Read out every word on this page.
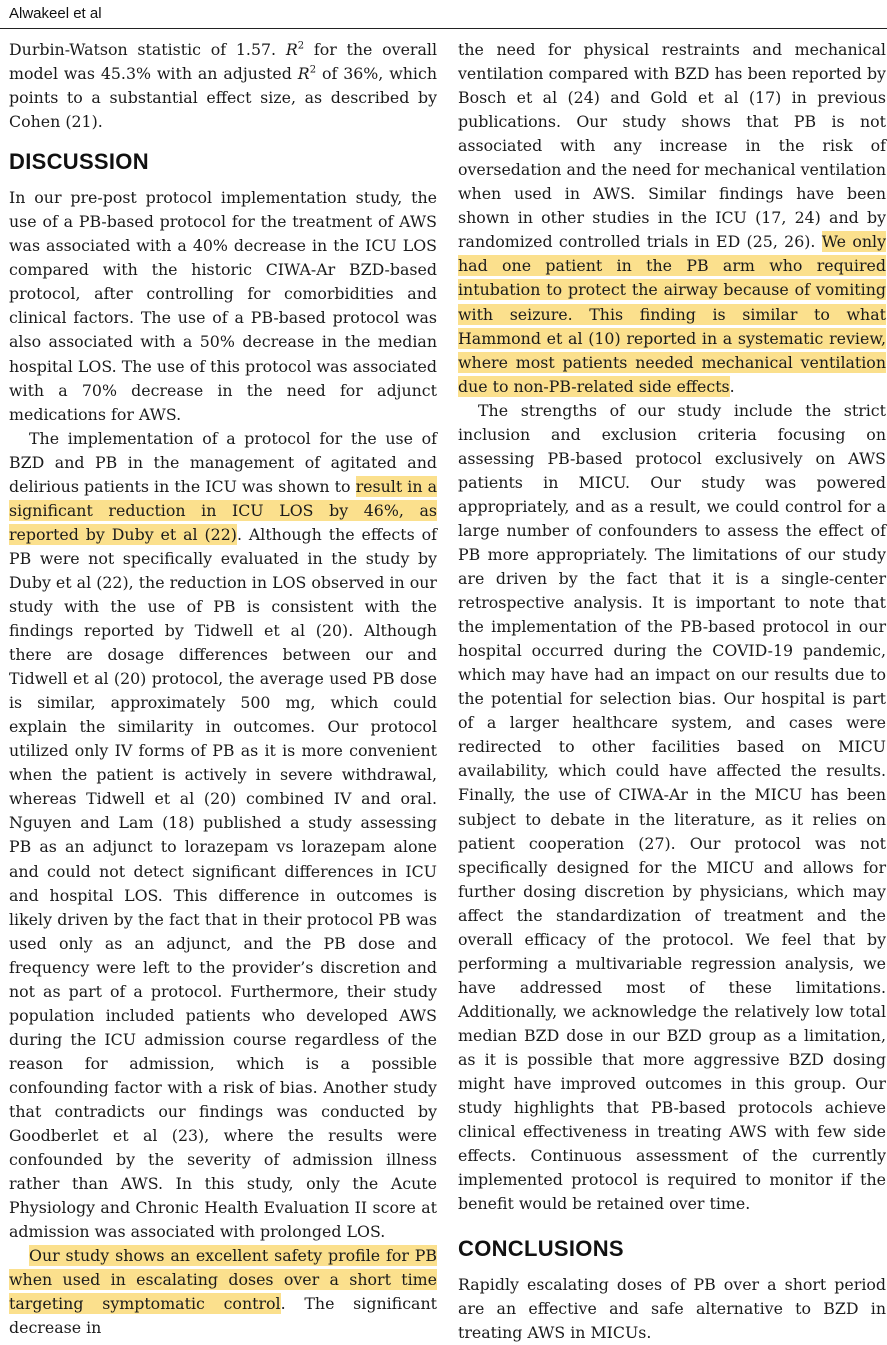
Alwakeel et al

Durbin-Watson statistic of 1.57. $R^2$ for the overall model was 45.3% with an adjusted $R^2$ of 36%, which points to a substantial effect size, as described by Cohen (21).

DISCUSSION

In our pre-post protocol implementation study, the use of a PB-based protocol for the treatment of AWS was associated with a 40% decrease in the ICU LOS compared with the historic CIWA-Ar BZD-based protocol, after controlling for comorbidities and clinical factors. The use of a PB-based protocol was also associated with a 50% decrease in the median hospital LOS. The use of this protocol was associated with a 70% decrease in the need for adjunct medications for AWS.

The implementation of a protocol for the use of BZD and PB in the management of agitated and delirious patients in the ICU was shown to result in a significant reduction in ICU LOS by 46%, as reported by Duby et al (22). Although the effects of PB were not specifically evaluated in the study by Duby et al (22), the reduction in LOS observed in our study with the use of PB is consistent with the findings reported by Tidwell et al (20). Although there are dosage differences between our and Tidwell et al (20) protocol, the average used PB dose is similar, approximately 500 mg, which could explain the similarity in outcomes. Our protocol utilized only IV forms of PB as it is more convenient when the patient is actively in severe withdrawal, whereas Tidwell et al (20) combined IV and oral. Nguyen and Lam (18) published a study assessing PB as an adjunct to lorazepam vs lorazepam alone and could not detect significant differences in ICU and hospital LOS. This difference in outcomes is likely driven by the fact that in their protocol PB was used only as an adjunct, and the PB dose and frequency were left to the provider’s discretion and not as part of a protocol. Furthermore, their study population included patients who developed AWS during the ICU admission course regardless of the reason for admission, which is a possible confounding factor with a risk of bias. Another study that contradicts our findings was conducted by Goodberlet et al (23), where the results were confounded by the severity of admission illness rather than AWS. In this study, only the Acute Physiology and Chronic Health Evaluation II score at admission was associated with prolonged LOS.

Our study shows an excellent safety profile for PB when used in escalating doses over a short time targeting symptomatic control. The significant decrease in

the need for physical restraints and mechanical ventilation compared with BZD has been reported by Bosch et al (24) and Gold et al (17) in previous publications. Our study shows that PB is not associated with any increase in the risk of oversedation and the need for mechanical ventilation when used in AWS. Similar findings have been shown in other studies in the ICU (17, 24) and by randomized controlled trials in ED (25, 26). We only had one patient in the PB arm who required intubation to protect the airway because of vomiting with seizure. This finding is similar to what Hammond et al (10) reported in a systematic review, where most patients needed mechanical ventilation due to non-PB-related side effects.

The strengths of our study include the strict inclusion and exclusion criteria focusing on assessing PB-based protocol exclusively on AWS patients in MICU. Our study was powered appropriately, and as a result, we could control for a large number of confounders to assess the effect of PB more appropriately. The limitations of our study are driven by the fact that it is a single-center retrospective analysis. It is important to note that the implementation of the PB-based protocol in our hospital occurred during the COVID-19 pandemic, which may have had an impact on our results due to the potential for selection bias. Our hospital is part of a larger healthcare system, and cases were redirected to other facilities based on MICU availability, which could have affected the results. Finally, the use of CIWA-Ar in the MICU has been subject to debate in the literature, as it relies on patient cooperation (27). Our protocol was not specifically designed for the MICU and allows for further dosing discretion by physicians, which may affect the standardization of treatment and the overall efficacy of the protocol. We feel that by performing a multivariable regression analysis, we have addressed most of these limitations. Additionally, we acknowledge the relatively low total median BZD dose in our BZD group as a limitation, as it is possible that more aggressive BZD dosing might have improved outcomes in this group. Our study highlights that PB-based protocols achieve clinical effectiveness in treating AWS with few side effects. Continuous assessment of the currently implemented protocol is required to monitor if the benefit would be retained over time.

CONCLUSIONS

Rapidly escalating doses of PB over a short period are an effective and safe alternative to BZD in treating AWS in MICUs.
